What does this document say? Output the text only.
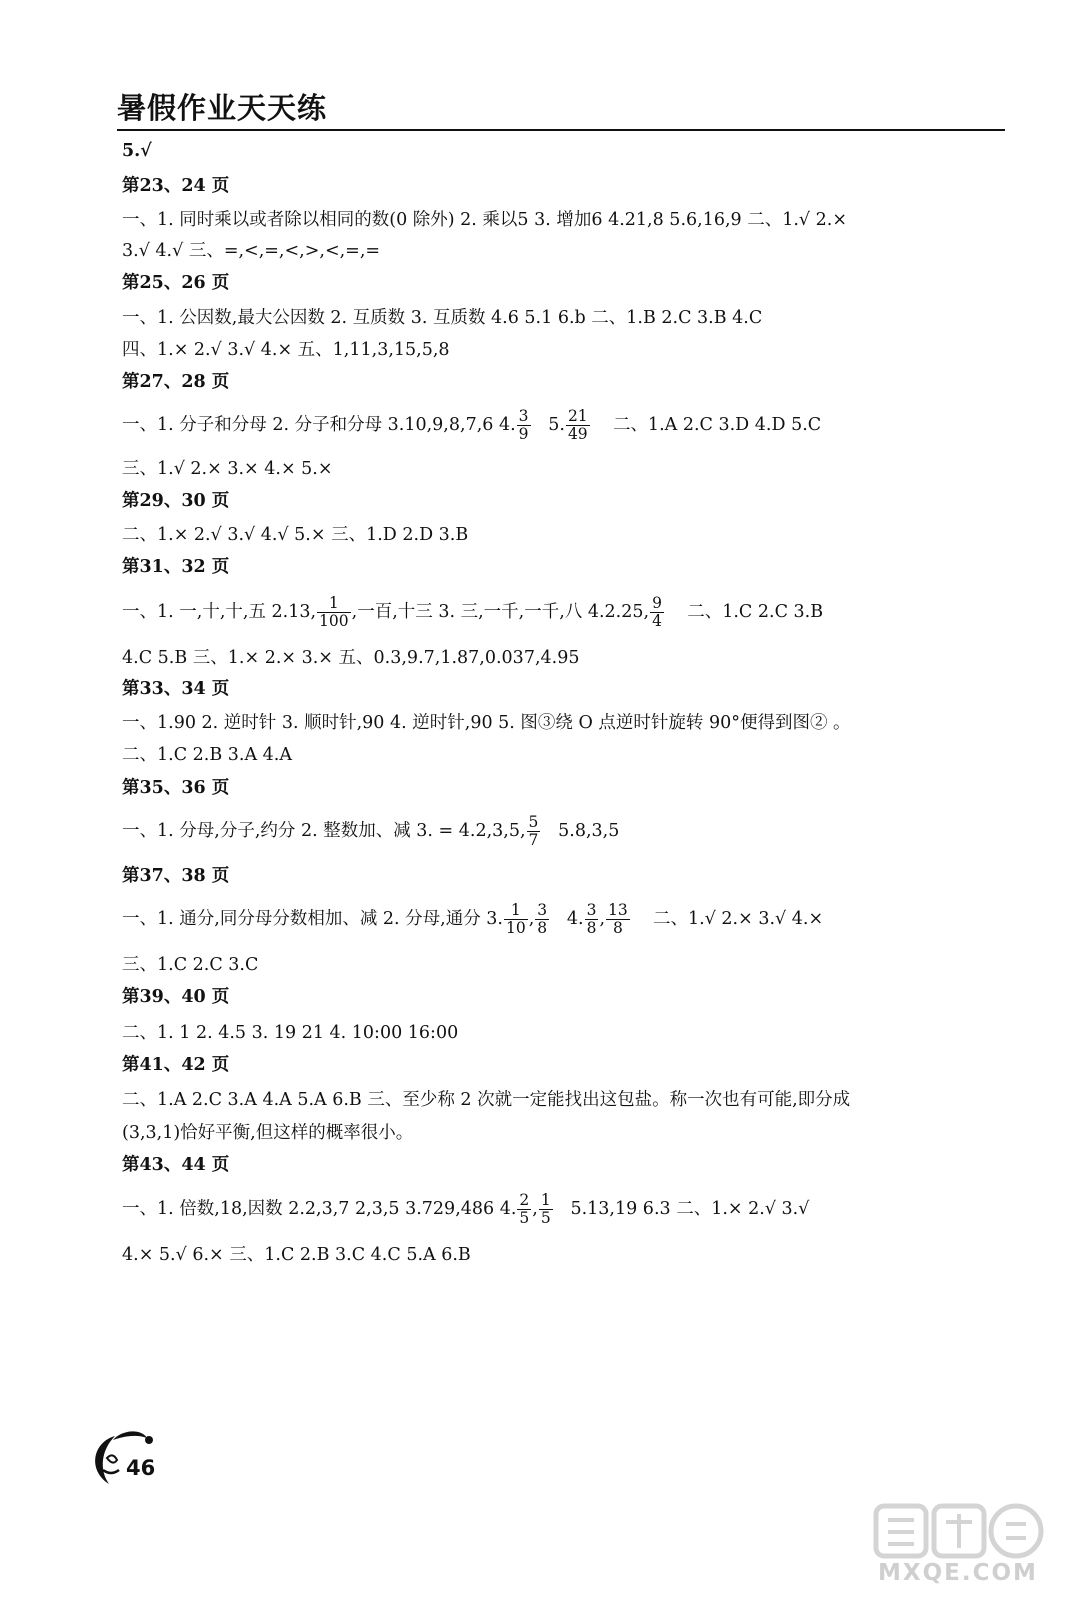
暑假作业天天练
5.√
第23、24 页
一、1. 同时乘以或者除以相同的数(0 除外) 2. 乘以5 3. 增加6 4.21,8 5.6,16,9 二、1.√ 2.×
3.√ 4.√ 三、=,<,=,<,>,<,=,=
第25、26 页
一、1. 公因数,最大公因数 2. 互质数 3. 互质数 4.6 5.1 6.b 二、1.B 2.C 3.B 4.C
四、1.× 2.√ 3.√ 4.× 五、1,11,3,15,5,8
第27、28 页
一、1. 分子和分母 2. 分子和分母 3.10,9,8,7,6 4. $\frac{3}{9} 5$. $\frac{21}{49}$ 二、1.A 2.C 3.D 4.D 5.C
三、1.√ 2.× 3.× 4.× 5.×
第29、30 页
二、1.× 2.√ 3.√ 4.√ 5.× 三、1.D 2.D 3.B
第31、32 页
一、1. 一,十,十,五 2.13, $\frac{1}{100}$ ,一百,十三 3. 三,一千,一千,八 4.2.25, $\frac{9}{4}$ 二、1.C 2.C 3.B
4.C 5.B 三、1.× 2.× 3.× 五、0.3,9.7,1.87,0.037,4.95
第33、34 页
一、1.90 2. 逆时针 3. 顺时针,90 4. 逆时针,90 5. 图③绕 O 点逆时针旋转 90°便得到图② 。
二、1.C 2.B 3.A 4.A
第35、36 页
一、1. 分母,分子,约分 2. 整数加、减 3. = 4.2,3,5, $\frac{5}{7} 5.8,3,5$
第37、38 页
一、1. 通分,同分母分数相加、减 2. 分母,通分 3. $\frac{1}{10}$ , $\frac{3}{8} 4$. $\frac{3}{8}$ , $\frac{13}{8}$ 二、1.√ 2.× 3.√ 4.×
三、1.C 2.C 3.C
第39、40 页
二、1. 1 2. 4.5 3. 19 21 4. 10:00 16:00
第41、42 页
二、1.A 2.C 3.A 4.A 5.A 6.B 三、至少称 2 次就一定能找出这包盐。称一次也有可能,即分成
(3,3,1)恰好平衡,但这样的概率很小。
第43、44 页
一、1. 倍数,18,因数 2.2,3,7 2,3,5 3.729,486 4. $\frac{2}{5}$ , $\frac{1}{5} 5.13,19$ 6.3 二、1.× 2.√ 3.√
4.× 5.√ 6.× 三、1.C 2.B 3.C 4.C 5.A 6.B
46
MXQE.COM
